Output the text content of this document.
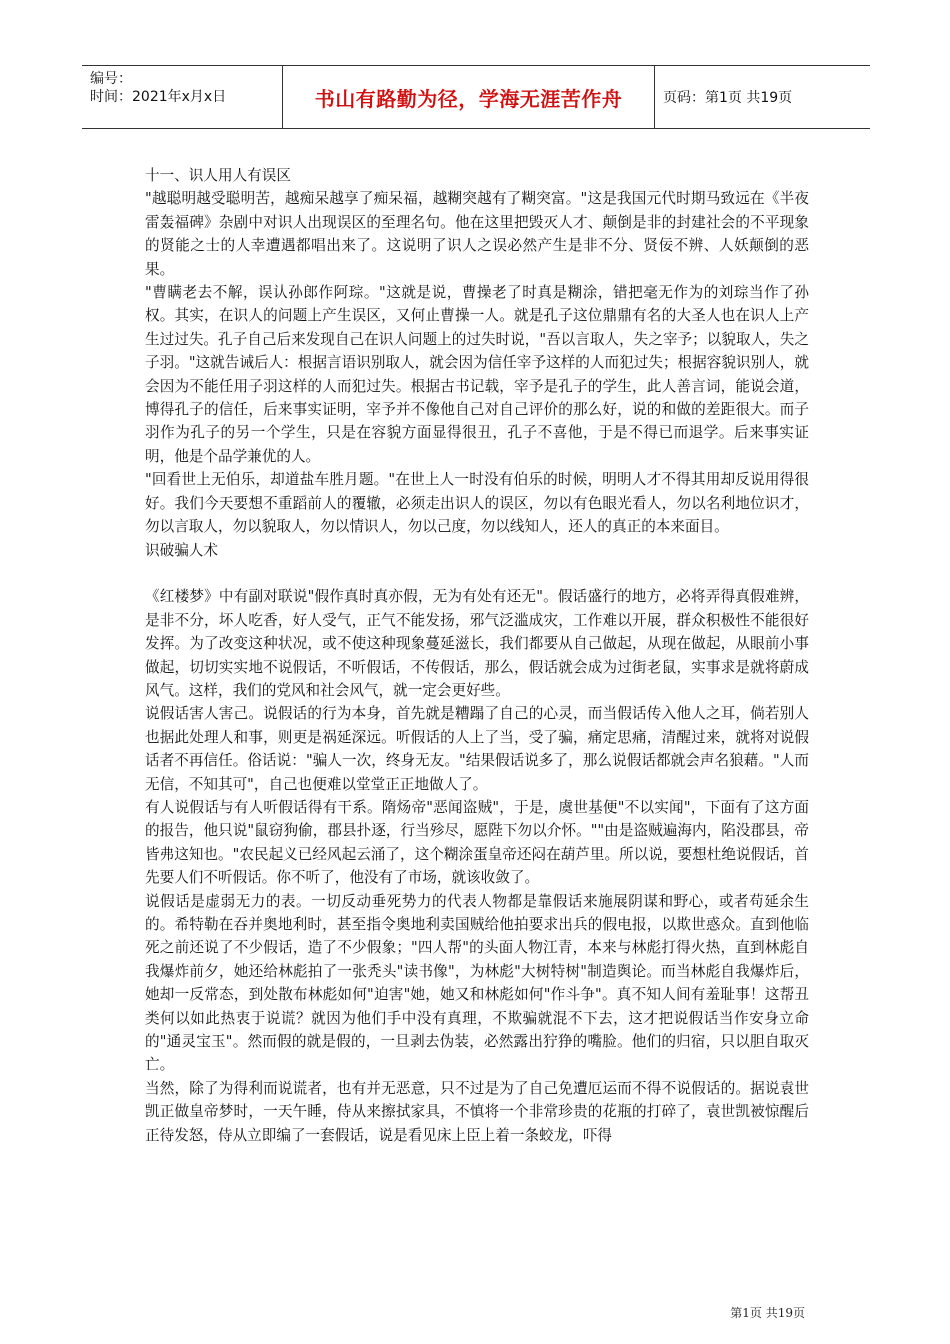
编号：
时间：2021年x月x日	书山有路勤为径，学海无涯苦作舟	页码：第1页 共19页

十一、识人用人有误区

"越聪明越受聪明苦，越痴呆越享了痴呆福，越糊突越有了糊突富。"这是我国元代时期马致远在《半夜雷轰福碑》杂剧中对识人出现误区的至理名句。他在这里把毁灭人才、颠倒是非的封建社会的不平现象的贤能之士的人幸遭遇都唱出来了。这说明了识人之误必然产生是非不分、贤佞不辨、人妖颠倒的恶果。

"曹瞒老去不解，误认孙郎作阿琮。"这就是说，曹操老了时真是糊涂，错把毫无作为的刘琮当作了孙权。其实，在识人的问题上产生误区，又何止曹操一人。就是孔子这位鼎鼎有名的大圣人也在识人上产生过过失。孔子自己后来发现自己在识人问题上的过失时说，"吾以言取人，失之宰予；以貌取人，失之子羽。"这就告诫后人：根据言语识别取人，就会因为信任宰予这样的人而犯过失；根据容貌识别人，就会因为不能任用子羽这样的人而犯过失。根据古书记载，宰予是孔子的学生，此人善言词，能说会道，博得孔子的信任，后来事实证明，宰予并不像他自己对自己评价的那么好，说的和做的差距很大。而子羽作为孔子的另一个学生，只是在容貌方面显得很丑，孔子不喜他，于是不得已而退学。后来事实证明，他是个品学兼优的人。

"回看世上无伯乐，却道盐车胜月题。"在世上人一时没有伯乐的时候，明明人才不得其用却反说用得很好。我们今天要想不重蹈前人的覆辙，必须走出识人的误区，勿以有色眼光看人，勿以名利地位识才，勿以言取人，勿以貌取人，勿以情识人，勿以己度，勿以线知人，还人的真正的本来面目。

识破骗人术

《红楼梦》中有副对联说"假作真时真亦假，无为有处有还无"。假话盛行的地方，必将弄得真假难辨，是非不分，坏人吃香，好人受气，正气不能发扬，邪气泛滥成灾，工作难以开展，群众积极性不能很好发挥。为了改变这种状况，或不使这种现象蔓延滋长，我们都要从自己做起，从现在做起，从眼前小事做起，切切实实地不说假话，不听假话，不传假话，那么，假话就会成为过街老鼠，实事求是就将蔚成风气。这样，我们的党风和社会风气，就一定会更好些。

说假话害人害己。说假话的行为本身，首先就是糟蹋了自己的心灵，而当假话传入他人之耳，倘若别人也据此处理人和事，则更是祸延深远。听假话的人上了当，受了骗，痛定思痛，清醒过来，就将对说假话者不再信任。俗话说："骗人一次，终身无友。"结果假话说多了，那么说假话都就会声名狼藉。"人而无信，不知其可"，自己也便难以堂堂正正地做人了。

有人说假话与有人听假话得有干系。隋炀帝"恶闻盗贼"，于是，虞世基便"不以实闻"，下面有了这方面的报告，他只说"鼠窃狗偷，郡县扑逐，行当殄尽，愿陛下勿以介怀。""由是盗贼遍海内，陷没郡县，帝皆弗这知也。"农民起义已经风起云涌了，这个糊涂蛋皇帝还闷在葫芦里。所以说，要想杜绝说假话，首先要人们不听假话。你不听了，他没有了市场，就该收敛了。

说假话是虚弱无力的表。一切反动垂死势力的代表人物都是靠假话来施展阴谋和野心，或者苟延余生的。希特勒在吞并奥地利时，甚至指令奥地利卖国贼给他拍要求出兵的假电报，以欺世惑众。直到他临死之前还说了不少假话，造了不少假象；"四人帮"的头面人物江青，本来与林彪打得火热，直到林彪自我爆炸前夕，她还给林彪拍了一张秃头"读书像"，为林彪"大树特树"制造舆论。而当林彪自我爆炸后，她却一反常态，到处散布林彪如何"迫害"她，她又和林彪如何"作斗争"。真不知人间有羞耻事！这帮丑类何以如此热衷于说谎？就因为他们手中没有真理，不欺骗就混不下去，这才把说假话当作安身立命的"通灵宝玉"。然而假的就是假的，一旦剥去伪装，必然露出狞狰的嘴脸。他们的归宿，只以胆自取灭亡。

当然，除了为得利而说谎者，也有并无恶意，只不过是为了自己免遭厄运而不得不说假话的。据说袁世凯正做皇帝梦时，一天午睡，侍从来擦拭家具，不慎将一个非常珍贵的花瓶的打碎了，袁世凯被惊醒后正待发怒，侍从立即编了一套假话，说是看见床上臣上着一条蛟龙，吓得

第1页 共19页
